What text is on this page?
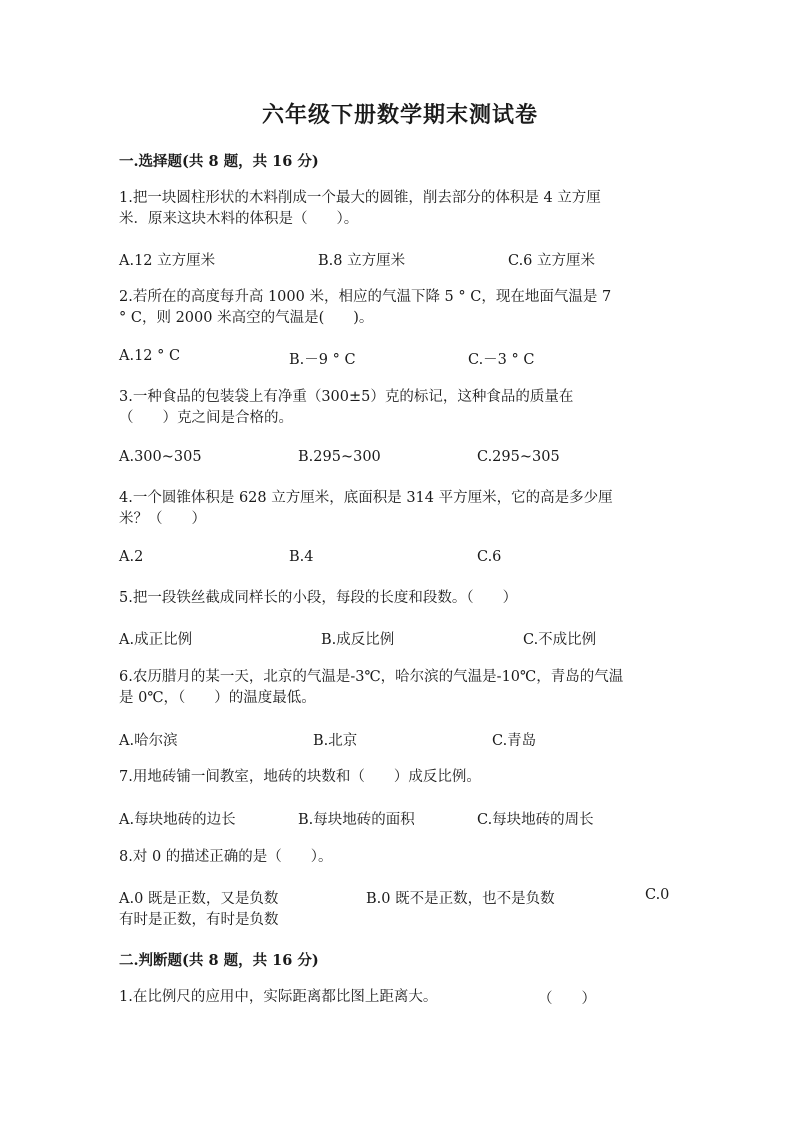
六年级下册数学期末测试卷
一.选择题(共 8 题，共 16 分)
1.把一块圆柱形状的木料削成一个最大的圆锥，削去部分的体积是 4 立方厘
米．原来这块木料的体积是（　　）。
A.12 立方厘米	B.8 立方厘米	C.6 立方厘米
2.若所在的高度每升高 1000 米，相应的气温下降 5 ° C，现在地面气温是 7
° C，则 2000 米高空的气温是(　　)。
A.12 ° C	B.－9 ° C	C.－3 ° C
3.一种食品的包装袋上有净重（300±5）克的标记，这种食品的质量在
（　　）克之间是合格的。
A.300~305	B.295~300	C.295~305
4.一个圆锥体积是 628 立方厘米，底面积是 314 平方厘米，它的高是多少厘
米？（　　）
A.2	B.4	C.6
5.把一段铁丝截成同样长的小段，每段的长度和段数。（　　）
A.成正比例	B.成反比例	C.不成比例
6.农历腊月的某一天，北京的气温是-3℃，哈尔滨的气温是-10℃，青岛的气温
是 0℃，（　　）的温度最低。
A.哈尔滨	B.北京	C.青岛
7.用地砖铺一间教室，地砖的块数和（　　）成反比例。
A.每块地砖的边长	B.每块地砖的面积	C.每块地砖的周长
8.对 0 的描述正确的是（　　）。
A.0 既是正数，又是负数	B.0 既不是正数，也不是负数	C.0
有时是正数，有时是负数
二.判断题(共 8 题，共 16 分)
1.在比例尺的应用中，实际距离都比图上距离大。	（　　）
